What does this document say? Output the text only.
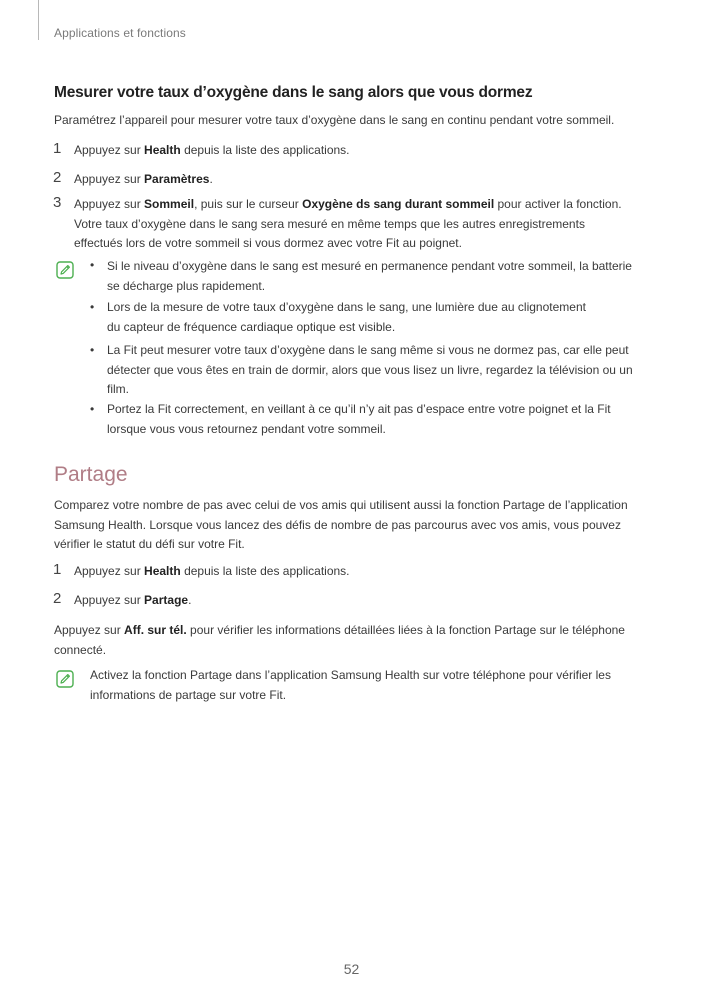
Applications et fonctions
Mesurer votre taux d’oxygène dans le sang alors que vous dormez
Paramétrez l’appareil pour mesurer votre taux d’oxygène dans le sang en continu pendant votre sommeil.
1 Appuyez sur Health depuis la liste des applications.
2 Appuyez sur Paramètres.
3 Appuyez sur Sommeil, puis sur le curseur Oxygène ds sang durant sommeil pour activer la fonction.
Votre taux d’oxygène dans le sang sera mesuré en même temps que les autres enregistrements
effectués lors de votre sommeil si vous dormez avec votre Fit au poignet.
• Si le niveau d’oxygène dans le sang est mesuré en permanence pendant votre sommeil, la batterie
se décharge plus rapidement.
• Lors de la mesure de votre taux d’oxygène dans le sang, une lumière due au clignotement
du capteur de fréquence cardiaque optique est visible.
• La Fit peut mesurer votre taux d’oxygène dans le sang même si vous ne dormez pas, car elle peut
détecter que vous êtes en train de dormir, alors que vous lisez un livre, regardez la télévision ou un
film.
• Portez la Fit correctement, en veillant à ce qu’il n’y ait pas d’espace entre votre poignet et la Fit
lorsque vous vous retournez pendant votre sommeil.
Partage
Comparez votre nombre de pas avec celui de vos amis qui utilisent aussi la fonction Partage de l’application
Samsung Health. Lorsque vous lancez des défis de nombre de pas parcourus avec vos amis, vous pouvez
vérifier le statut du défi sur votre Fit.
1 Appuyez sur Health depuis la liste des applications.
2 Appuyez sur Partage.
Appuyez sur Aff. sur tél. pour vérifier les informations détaillées liées à la fonction Partage sur le téléphone
connecté.
Activez la fonction Partage dans l’application Samsung Health sur votre téléphone pour vérifier les
informations de partage sur votre Fit.
52
